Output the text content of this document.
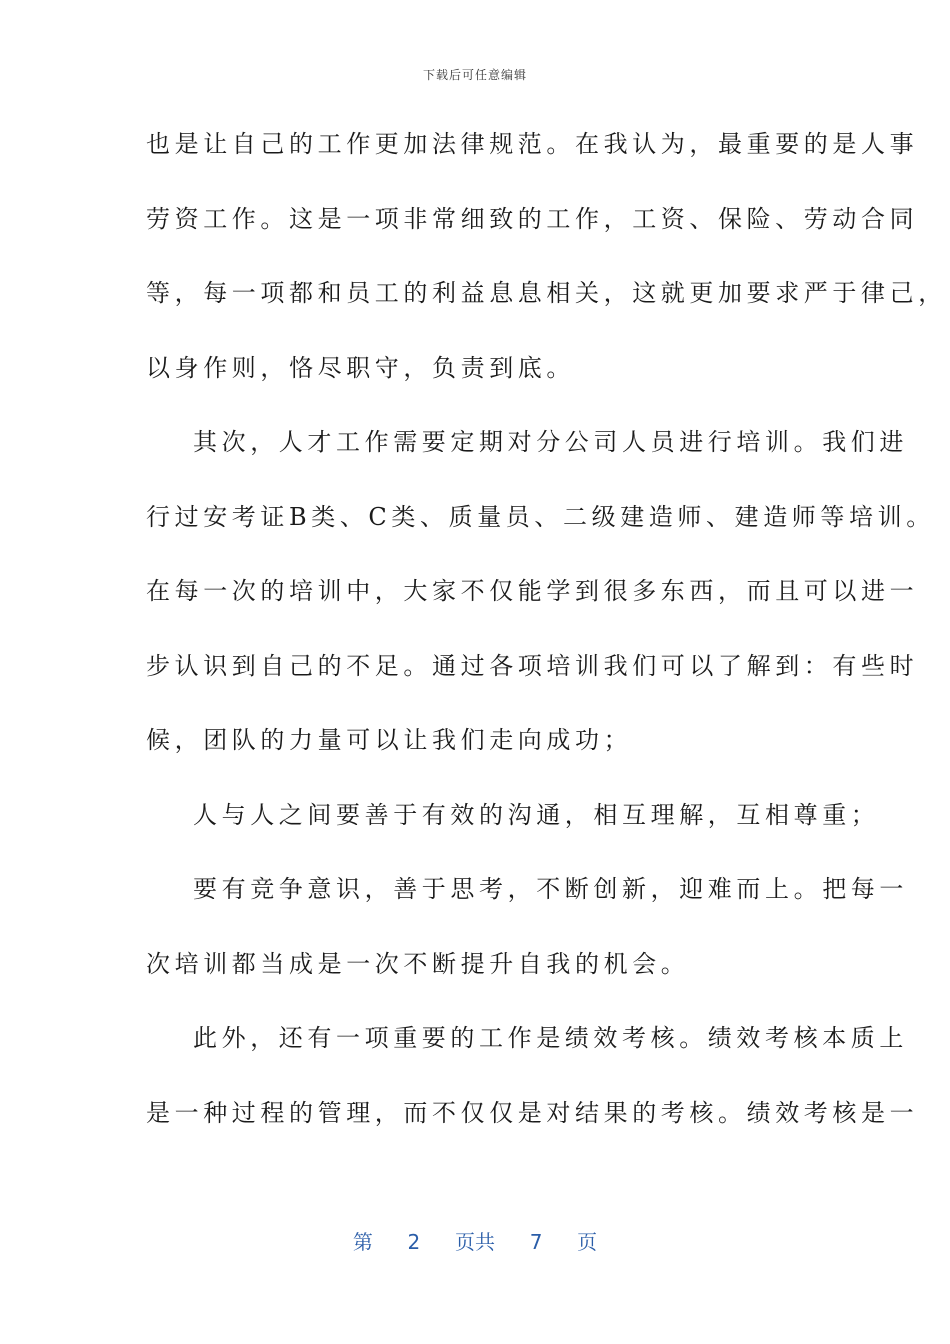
下载后可任意编辑
也是让自己的工作更加法律规范。在我认为，最重要的是人事
劳资工作。这是一项非常细致的工作，工资、保险、劳动合同
等，每一项都和员工的利益息息相关，这就更加要求严于律己，
以身作则，恪尽职守，负责到底。
其次，人才工作需要定期对分公司人员进行培训。我们进
行过安考证B类、C类、质量员、二级建造师、建造师等培训。
在每一次的培训中，大家不仅能学到很多东西，而且可以进一
步认识到自己的不足。通过各项培训我们可以了解到：有些时
候，团队的力量可以让我们走向成功；
人与人之间要善于有效的沟通，相互理解，互相尊重；
要有竞争意识，善于思考，不断创新，迎难而上。把每一
次培训都当成是一次不断提升自我的机会。
此外，还有一项重要的工作是绩效考核。绩效考核本质上
是一种过程的管理，而不仅仅是对结果的考核。绩效考核是一
第 2 页共 7 页
